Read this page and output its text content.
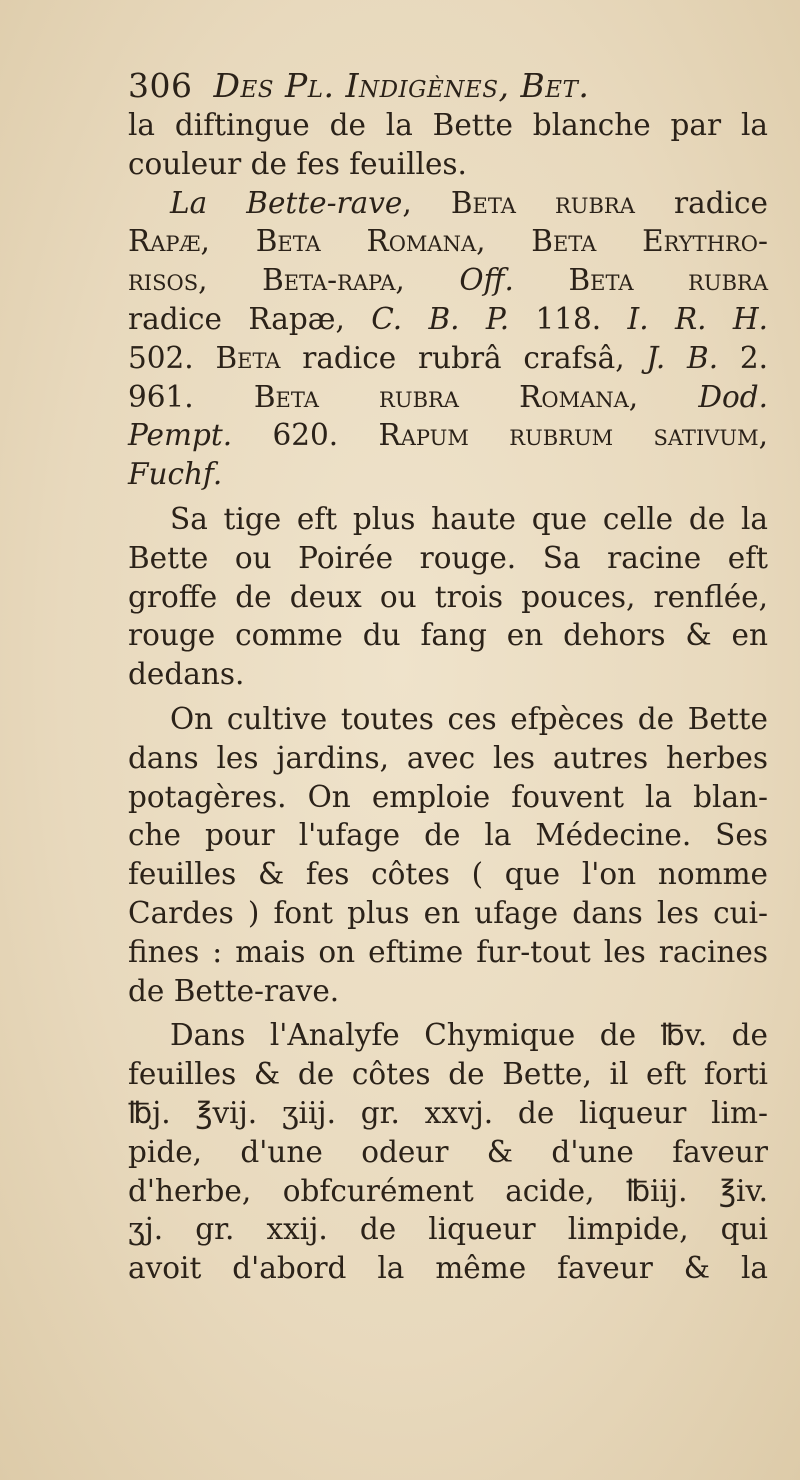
306 Des Pl. Indigènes, Bet.
la diftingue de la Bette blanche par la
couleur de fes feuilles.
La Bette-rave, Beta rubra radice
Rapæ, Beta Romana, Beta Erythro-
risos, Beta-rapa, Off. Beta rubra
radice Rapæ, C. B. P. 118. I. R. H.
502. Beta radice rubrâ crafsâ, J. B. 2.
961. Beta rubra Romana, Dod.
Pempt. 620. Rapum rubrum sativum,
Fuchf.
Sa tige eft plus haute que celle de la
Bette ou Poirée rouge. Sa racine eft
groffe de deux ou trois pouces, renflée,
rouge comme du fang en dehors & en
dedans.
On cultive toutes ces efpèces de Bette
dans les jardins, avec les autres herbes
potagères. On emploie fouvent la blan-
che pour l'ufage de la Médecine. Ses
feuilles & fes côtes ( que l'on nomme
Cardes ) font plus en ufage dans les cui-
fines : mais on eftime fur-tout les racines
de Bette-rave.
Dans l'Analyfe Chymique de ℔v. de
feuilles & de côtes de Bette, il eft forti
℔j. ℥vij. ʒiij. gr. xxvj. de liqueur lim-
pide, d'une odeur & d'une faveur
d'herbe, obfcurément acide, ℔iij. ℥iv.
ʒj. gr. xxij. de liqueur limpide, qui
avoit d'abord la même faveur & la
